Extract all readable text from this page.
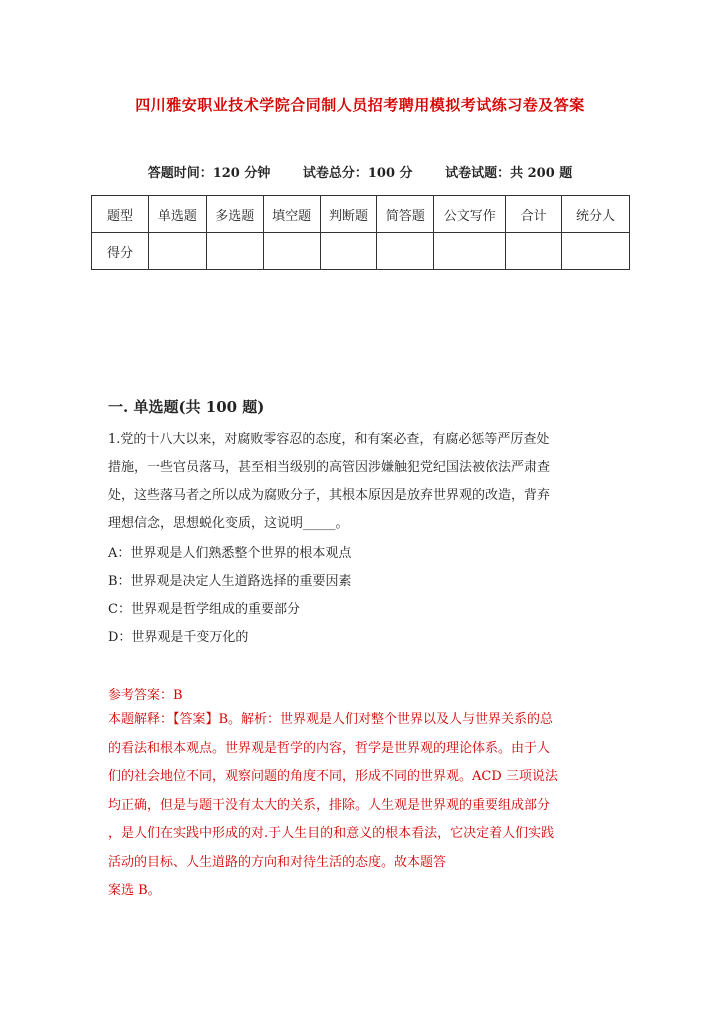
四川雅安职业技术学院合同制人员招考聘用模拟考试练习卷及答案
答题时间：120 分钟	试卷总分：100 分	试卷试题：共 200 题
题型	单选题	多选题	填空题	判断题	简答题	公文写作	合计	统分人
得分								
一. 单选题(共 100 题)
1.党的十八大以来，对腐败零容忍的态度，和有案必查，有腐必惩等严厉查处
措施，一些官员落马，甚至相当级别的高管因涉嫌触犯党纪国法被依法严肃查
处，这些落马者之所以成为腐败分子，其根本原因是放弃世界观的改造，背弃
理想信念，思想蜕化变质，这说明_____。
A：世界观是人们熟悉整个世界的根本观点
B：世界观是决定人生道路选择的重要因素
C：世界观是哲学组成的重要部分
D：世界观是千变万化的
参考答案：B
本题解释：【答案】B。解析：世界观是人们对整个世界以及人与世界关系的总
的看法和根本观点。世界观是哲学的内容，哲学是世界观的理论体系。由于人
们的社会地位不同，观察问题的角度不同，形成不同的世界观。ACD 三项说法
均正确，但是与题干没有太大的关系，排除。人生观是世界观的重要组成部分
，是人们在实践中形成的对.于人生目的和意义的根本看法，它决定着人们实践
活动的目标、人生道路的方向和对待生活的态度。故本题答
案选 B。
